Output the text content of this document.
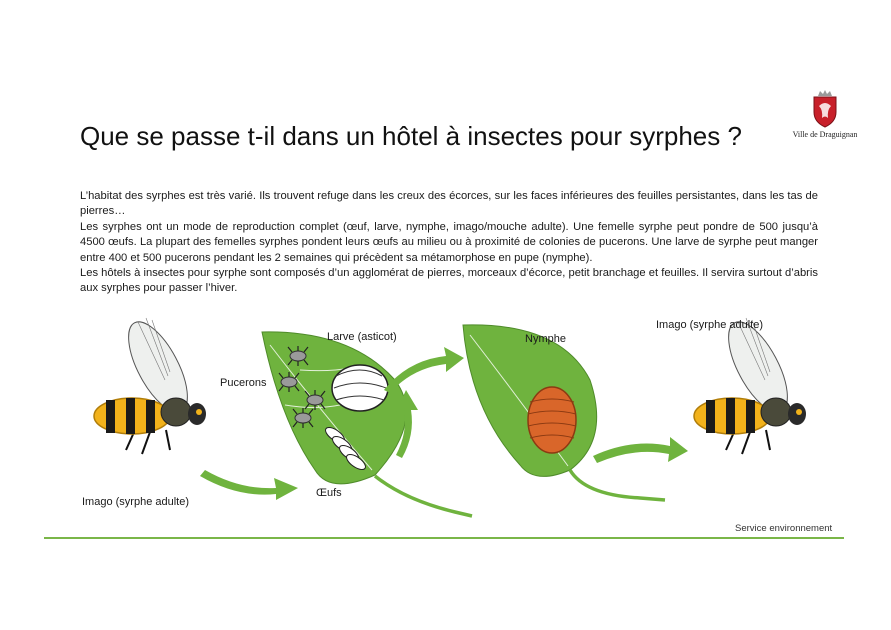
Ville de Draguignan
Que se passe t-il dans un hôtel à insectes pour syrphes ?

L’habitat des syrphes est très varié. Ils trouvent refuge dans les creux des écorces, sur les faces inférieures des feuilles persistantes, dans les tas de pierres…

Les syrphes ont un mode de reproduction complet (œuf, larve, nymphe, imago/mouche adulte). Une femelle syrphe peut pondre de 500 jusqu’à 4500 œufs. La plupart des femelles syrphes pondent leurs œufs au milieu ou à proximité de colonies de pucerons. Une larve de syrphe peut manger entre 400 et 500 pucerons pendant les 2 semaines qui précèdent sa métamorphose en pupe (nymphe).

Les hôtels à insectes pour syrphe sont composés d’un agglomérat de pierres, morceaux d’écorce, petit branchage et feuilles. Il servira surtout d’abris aux syrphes pour passer l’hiver.

Imago (syrphe adulte)
Pucerons
Larve (asticot)
Œufs
Nymphe
Imago (syrphe adulte)
Service environnement
